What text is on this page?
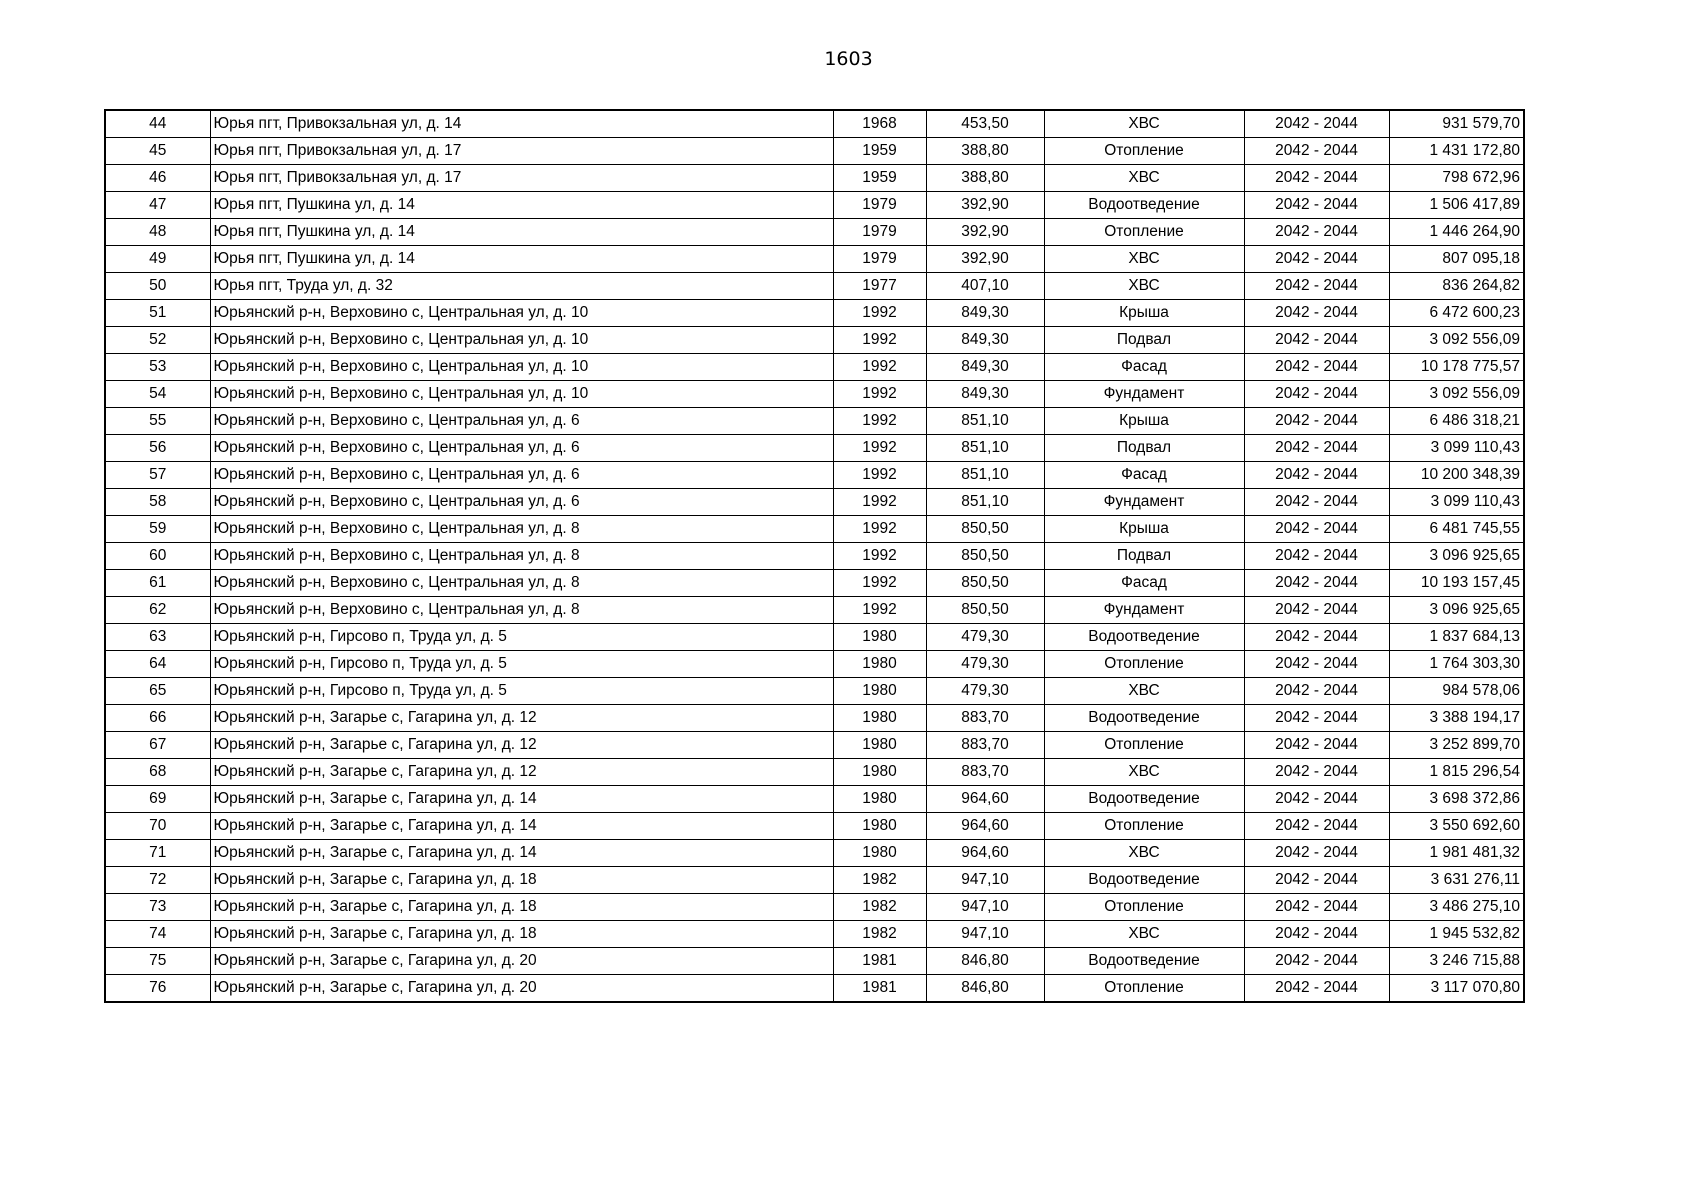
1603
44	Юрья пгт, Привокзальная ул, д. 14	1968	453,50	ХВС	2042 - 2044	931 579,70
45	Юрья пгт, Привокзальная ул, д. 17	1959	388,80	Отопление	2042 - 2044	1 431 172,80
46	Юрья пгт, Привокзальная ул, д. 17	1959	388,80	ХВС	2042 - 2044	798 672,96
47	Юрья пгт, Пушкина ул, д. 14	1979	392,90	Водоотведение	2042 - 2044	1 506 417,89
48	Юрья пгт, Пушкина ул, д. 14	1979	392,90	Отопление	2042 - 2044	1 446 264,90
49	Юрья пгт, Пушкина ул, д. 14	1979	392,90	ХВС	2042 - 2044	807 095,18
50	Юрья пгт, Труда ул, д. 32	1977	407,10	ХВС	2042 - 2044	836 264,82
51	Юрьянский р-н, Верховино с, Центральная ул, д. 10	1992	849,30	Крыша	2042 - 2044	6 472 600,23
52	Юрьянский р-н, Верховино с, Центральная ул, д. 10	1992	849,30	Подвал	2042 - 2044	3 092 556,09
53	Юрьянский р-н, Верховино с, Центральная ул, д. 10	1992	849,30	Фасад	2042 - 2044	10 178 775,57
54	Юрьянский р-н, Верховино с, Центральная ул, д. 10	1992	849,30	Фундамент	2042 - 2044	3 092 556,09
55	Юрьянский р-н, Верховино с, Центральная ул, д. 6	1992	851,10	Крыша	2042 - 2044	6 486 318,21
56	Юрьянский р-н, Верховино с, Центральная ул, д. 6	1992	851,10	Подвал	2042 - 2044	3 099 110,43
57	Юрьянский р-н, Верховино с, Центральная ул, д. 6	1992	851,10	Фасад	2042 - 2044	10 200 348,39
58	Юрьянский р-н, Верховино с, Центральная ул, д. 6	1992	851,10	Фундамент	2042 - 2044	3 099 110,43
59	Юрьянский р-н, Верховино с, Центральная ул, д. 8	1992	850,50	Крыша	2042 - 2044	6 481 745,55
60	Юрьянский р-н, Верховино с, Центральная ул, д. 8	1992	850,50	Подвал	2042 - 2044	3 096 925,65
61	Юрьянский р-н, Верховино с, Центральная ул, д. 8	1992	850,50	Фасад	2042 - 2044	10 193 157,45
62	Юрьянский р-н, Верховино с, Центральная ул, д. 8	1992	850,50	Фундамент	2042 - 2044	3 096 925,65
63	Юрьянский р-н, Гирсово п, Труда ул, д. 5	1980	479,30	Водоотведение	2042 - 2044	1 837 684,13
64	Юрьянский р-н, Гирсово п, Труда ул, д. 5	1980	479,30	Отопление	2042 - 2044	1 764 303,30
65	Юрьянский р-н, Гирсово п, Труда ул, д. 5	1980	479,30	ХВС	2042 - 2044	984 578,06
66	Юрьянский р-н, Загарье с, Гагарина ул, д. 12	1980	883,70	Водоотведение	2042 - 2044	3 388 194,17
67	Юрьянский р-н, Загарье с, Гагарина ул, д. 12	1980	883,70	Отопление	2042 - 2044	3 252 899,70
68	Юрьянский р-н, Загарье с, Гагарина ул, д. 12	1980	883,70	ХВС	2042 - 2044	1 815 296,54
69	Юрьянский р-н, Загарье с, Гагарина ул, д. 14	1980	964,60	Водоотведение	2042 - 2044	3 698 372,86
70	Юрьянский р-н, Загарье с, Гагарина ул, д. 14	1980	964,60	Отопление	2042 - 2044	3 550 692,60
71	Юрьянский р-н, Загарье с, Гагарина ул, д. 14	1980	964,60	ХВС	2042 - 2044	1 981 481,32
72	Юрьянский р-н, Загарье с, Гагарина ул, д. 18	1982	947,10	Водоотведение	2042 - 2044	3 631 276,11
73	Юрьянский р-н, Загарье с, Гагарина ул, д. 18	1982	947,10	Отопление	2042 - 2044	3 486 275,10
74	Юрьянский р-н, Загарье с, Гагарина ул, д. 18	1982	947,10	ХВС	2042 - 2044	1 945 532,82
75	Юрьянский р-н, Загарье с, Гагарина ул, д. 20	1981	846,80	Водоотведение	2042 - 2044	3 246 715,88
76	Юрьянский р-н, Загарье с, Гагарина ул, д. 20	1981	846,80	Отопление	2042 - 2044	3 117 070,80
